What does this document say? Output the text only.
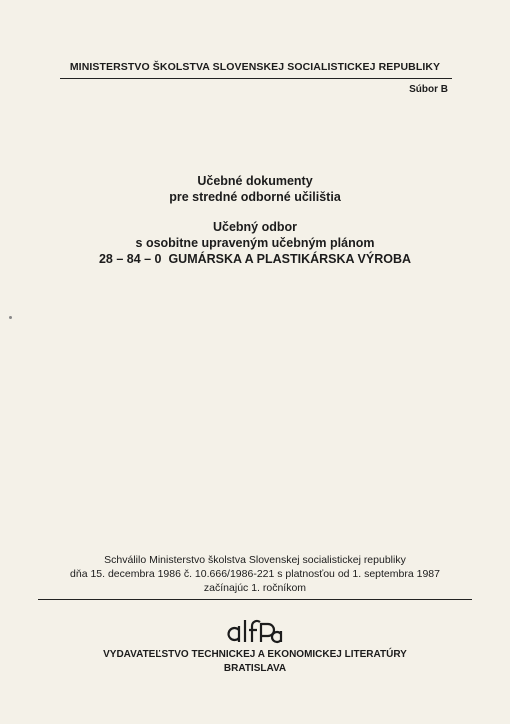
MINISTERSTVO ŠKOLSTVA SLOVENSKEJ SOCIALISTICKEJ REPUBLIKY
Súbor B
Učebné dokumenty
pre stredné odborné učilištia
Učebný odbor
s osobitne upraveným učebným plánom
28 – 84 – 0  GUMÁRSKA A PLASTIKÁRSKA VÝROBA
Schválilo Ministerstvo školstva Slovenskej socialistickej republiky
dňa 15. decembra 1986 č. 10.666/1986-221 s platnosťou od 1. septembra 1987
začínajúc 1. ročníkom
VYDAVATEĽSTVO TECHNICKEJ A EKONOMICKEJ LITERATÚRY
BRATISLAVA
